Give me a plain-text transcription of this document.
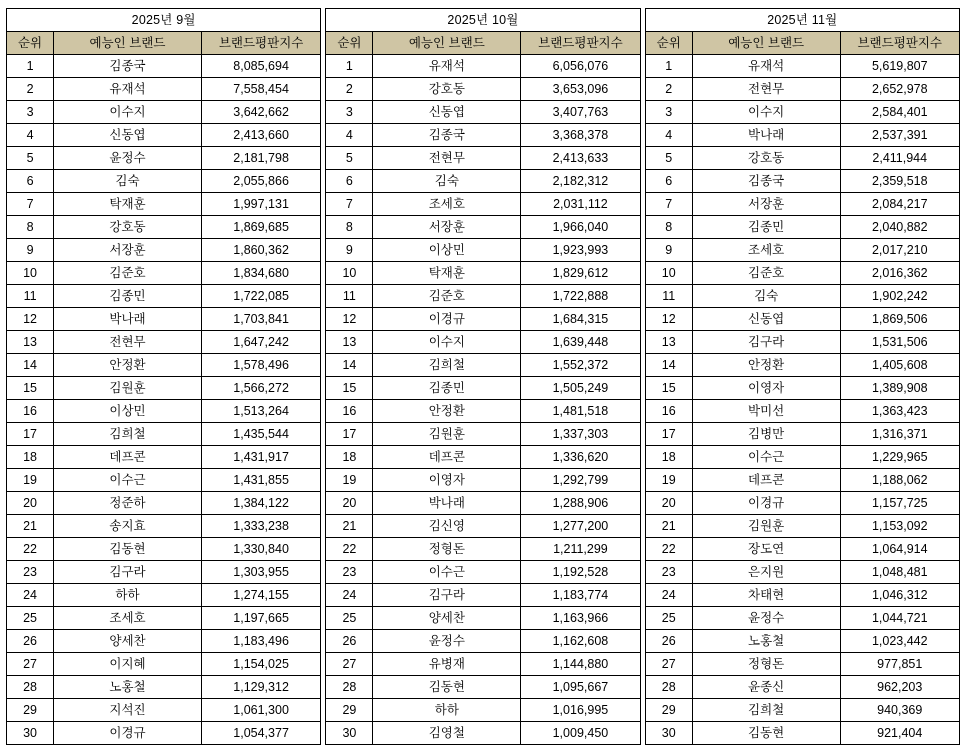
2025년 9월		
순위	예능인 브랜드	브랜드평판지수
1	김종국	8,085,694
2	유재석	7,558,454
3	이수지	3,642,662
4	신동엽	2,413,660
5	윤정수	2,181,798
6	김숙	2,055,866
7	탁재훈	1,997,131
8	강호동	1,869,685
9	서장훈	1,860,362
10	김준호	1,834,680
11	김종민	1,722,085
12	박나래	1,703,841
13	전현무	1,647,242
14	안정환	1,578,496
15	김원훈	1,566,272
16	이상민	1,513,264
17	김희철	1,435,544
18	데프콘	1,431,917
19	이수근	1,431,855
20	정준하	1,384,122
21	송지효	1,333,238
22	김동현	1,330,840
23	김구라	1,303,955
24	하하	1,274,155
25	조세호	1,197,665
26	양세찬	1,183,496
27	이지혜	1,154,025
28	노홍철	1,129,312
29	지석진	1,061,300
30	이경규	1,054,377
2025년 10월		
순위	예능인 브랜드	브랜드평판지수
1	유재석	6,056,076
2	강호동	3,653,096
3	신동엽	3,407,763
4	김종국	3,368,378
5	전현무	2,413,633
6	김숙	2,182,312
7	조세호	2,031,112
8	서장훈	1,966,040
9	이상민	1,923,993
10	탁재훈	1,829,612
11	김준호	1,722,888
12	이경규	1,684,315
13	이수지	1,639,448
14	김희철	1,552,372
15	김종민	1,505,249
16	안정환	1,481,518
17	김원훈	1,337,303
18	데프콘	1,336,620
19	이영자	1,292,799
20	박나래	1,288,906
21	김신영	1,277,200
22	정형돈	1,211,299
23	이수근	1,192,528
24	김구라	1,183,774
25	양세찬	1,163,966
26	윤정수	1,162,608
27	유병재	1,144,880
28	김동현	1,095,667
29	하하	1,016,995
30	김영철	1,009,450
2025년 11월		
순위	예능인 브랜드	브랜드평판지수
1	유재석	5,619,807
2	전현무	2,652,978
3	이수지	2,584,401
4	박나래	2,537,391
5	강호동	2,411,944
6	김종국	2,359,518
7	서장훈	2,084,217
8	김종민	2,040,882
9	조세호	2,017,210
10	김준호	2,016,362
11	김숙	1,902,242
12	신동엽	1,869,506
13	김구라	1,531,506
14	안정환	1,405,608
15	이영자	1,389,908
16	박미선	1,363,423
17	김병만	1,316,371
18	이수근	1,229,965
19	데프콘	1,188,062
20	이경규	1,157,725
21	김원훈	1,153,092
22	장도연	1,064,914
23	은지원	1,048,481
24	차태현	1,046,312
25	윤정수	1,044,721
26	노홍철	1,023,442
27	정형돈	977,851
28	윤종신	962,203
29	김희철	940,369
30	김동현	921,404
